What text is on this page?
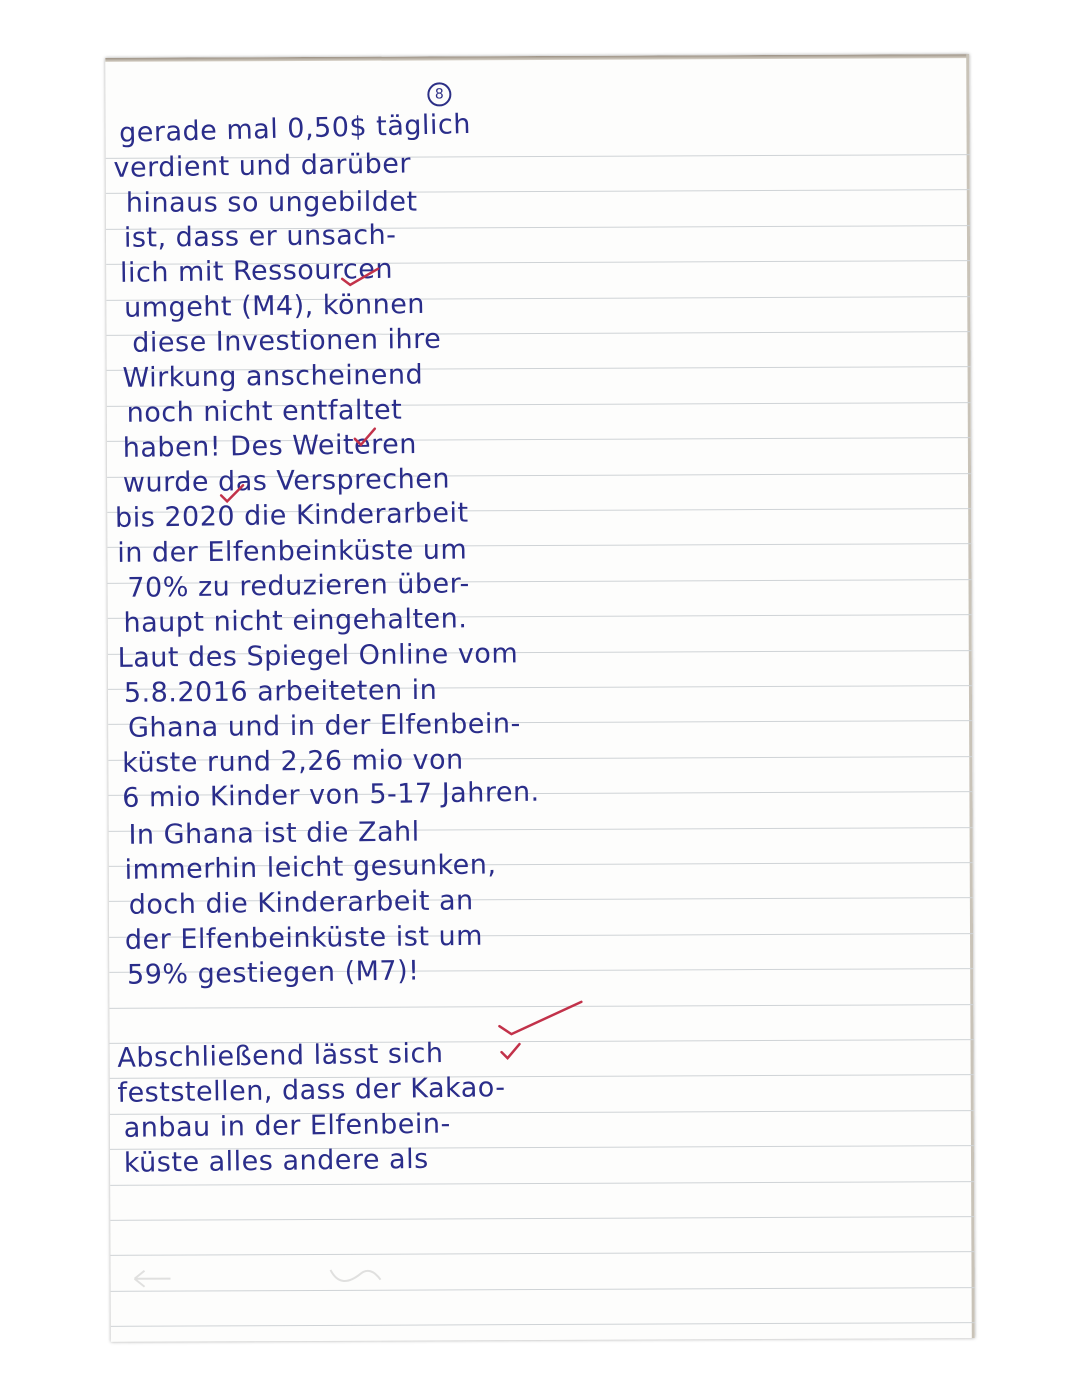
8
gerade mal 0,50$ täglich
verdient und darüber
hinaus so ungebildet
ist, dass er unsach-
lich mit Ressourcen
umgeht (M4), können
diese Investionen ihre
Wirkung anscheinend
noch nicht entfaltet
haben! Des Weiteren
wurde das Versprechen
bis 2020 die Kinderarbeit
in der Elfenbeinküste um
70% zu reduzieren über-
haupt nicht eingehalten.
Laut des Spiegel Online vom
5.8.2016 arbeiteten in
Ghana und in der Elfenbein-
küste rund 2,26 mio von
6 mio Kinder von 5-17 Jahren.
In Ghana ist die Zahl
immerhin leicht gesunken,
doch die Kinderarbeit an
der Elfenbeinküste ist um
59% gestiegen (M7)!
Abschließend lässt sich
feststellen, dass der Kakao-
anbau in der Elfenbein-
küste alles andere als
